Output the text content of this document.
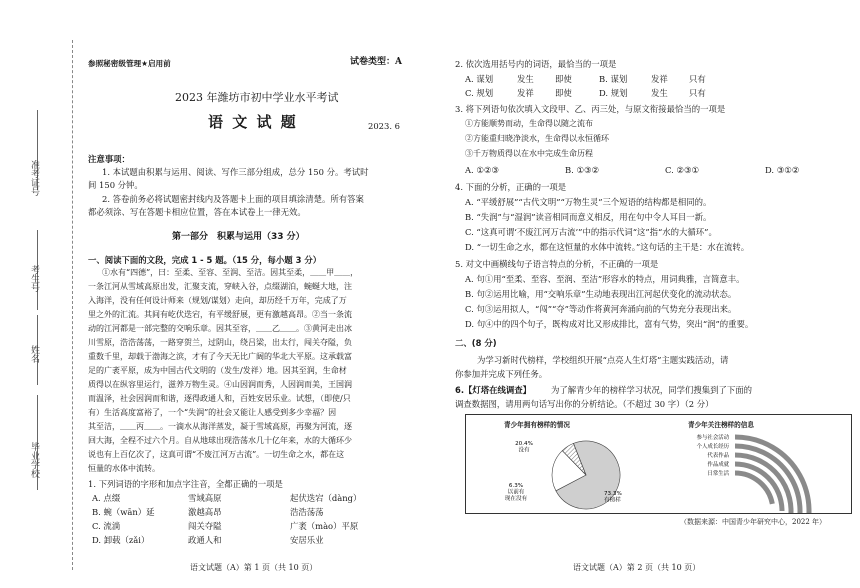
准考证号
考生号
姓名
毕业学校
参照秘密级管理★启用前	试卷类型：A
2023 年潍坊市初中学业水平考试
语 文 试 题	2023. 6
注意事项：
1. 本试题由积累与运用、阅读、写作三部分组成，总分 150 分。考试时
间 150 分钟。
2. 答卷前务必将试题密封线内及答题卡上面的项目填涂清楚。所有答案
都必须涂、写在答题卡相应位置，答在本试卷上一律无效。
第一部分　积累与运用（33 分）
一、阅读下面的文段，完成 1 - 5 题。（15 分，每小题 3 分）
①水有“四德”，曰：至柔、至容、至润、至洁。因其至柔，＿＿甲＿＿，
一条江河从雪域高原出发，汇聚支流，穿峡入谷，点缀湖泊，蜿蜒大地，注
入海洋，没有任何设计师来（规划/谋划）走向，却历经千万年，完成了万
里之外的汇流。其间有屹伏迭宕，有平缓舒展，更有激越高昂。②当一条流
动的江河都是一部完整的交响乐章。因其至容，＿＿乙＿＿。③黄河走出冰
川雪原，浩浩荡荡，一路穿贺兰，过阴山，绕吕梁，出太行，闯关夺隘，负
重数千里，却载于渤海之滨，才有了今天无比广阔的华北大平原。这承载富
足的广袤平原，成为中国古代文明的（发生/发祥）地。因其至润，生命材
质得以在纵容里运行，滋养万物生灵。④山因润而秀，人因润而美，王国润
而温泽，社会因润而和谐，逐得政通人和，百姓安居乐业。试想，（即使/只
有）生活高度富裕了，一个“失润”的社会又能让人感受到多少幸福？因
其至洁，＿＿丙＿＿。一滴水从海洋蒸发，凝于雪域高原，再聚为河流，逐
回大海，全程不过六个月。自从地球出现浩荡水几十亿年来，水的大循环少
说也有上百亿次了，这真可谓“不废江河万古流”。一切生命之水，都在这
恒量的水体中流转。
1. 下列词语的字形和加点字注音，全都正确的一项是
A. 点缀	雪域高原	起伏迭宕（dàng）
B. 蜿（wān）延	激越高昂	浩浩荡荡
C. 流淌	闯关夺隘	广袤（mào）平原
D. 卸载（zǎi）	政通人和	安居乐业
语文试题（A）第 1 页（共 10 页）
2. 依次选用括号内的词语，最恰当的一项是
A. 谋划	发生	即使	B. 谋划	发祥	只有
C. 规划	发祥	即使	D. 规划	发生	只有
3. 将下列语句依次填入文段甲、乙、丙三处，与原文衔接最恰当的一项是
①方能顺势而动，生命得以随之流布
②方能重归晓净淡水，生命得以永恒循环
③千万物质得以在水中完成生命历程
A. ①②③	B. ①③②	C. ②③①	D. ③①②
4. 下面的分析，正确的一项是
A. “平缓舒展”“古代文明”“万物生灵”三个短语的结构都是相同的。
B. “失润”与“湿润”读音相同而意义相反，用在句中令人耳目一新。
C. “这真可谓‘不废江河万古流’”中的指示代词“这”指“水的大循环”。
D. “一切生命之水，都在这恒量的水体中流转。”这句话的主干是：水在流转。
5. 对文中画横线句子语言特点的分析，不正确的一项是
A. 句①用“至柔、至容、至润、至洁”形容水的特点，用词典雅，言简意丰。
B. 句②运用比喻，用“交响乐章”生动地表现出江河起伏变化的流动状态。
C. 句③运用拟人，“闯”“夺”等动作将黄河奔涌向前的气势充分表现出来。
D. 句④中的四个句子，既构成对比又形成排比，富有气势，突出“润”的重要。
二、(8 分)
为学习新时代榜样，学校组织开展“点亮人生灯塔”主题实践活动，请
你参加并完成下列任务。
6.【灯塔在线调查】 为了解青少年的榜样学习状况，同学们搜集到了下面的
调查数据图，请用两句话写出你的分析结论。（不超过 30 字）（2 分）
青少年拥有榜样的情况	青少年关注榜样的信息
73.3%
有榜样
20.4%
没有
6.3%
以前有
现在没有
参与社会活动
个人成长经历
代表作品
作品成就
日常生活
（数据来源：中国青少年研究中心，2022 年）
语文试题（A）第 2 页（共 10 页）
